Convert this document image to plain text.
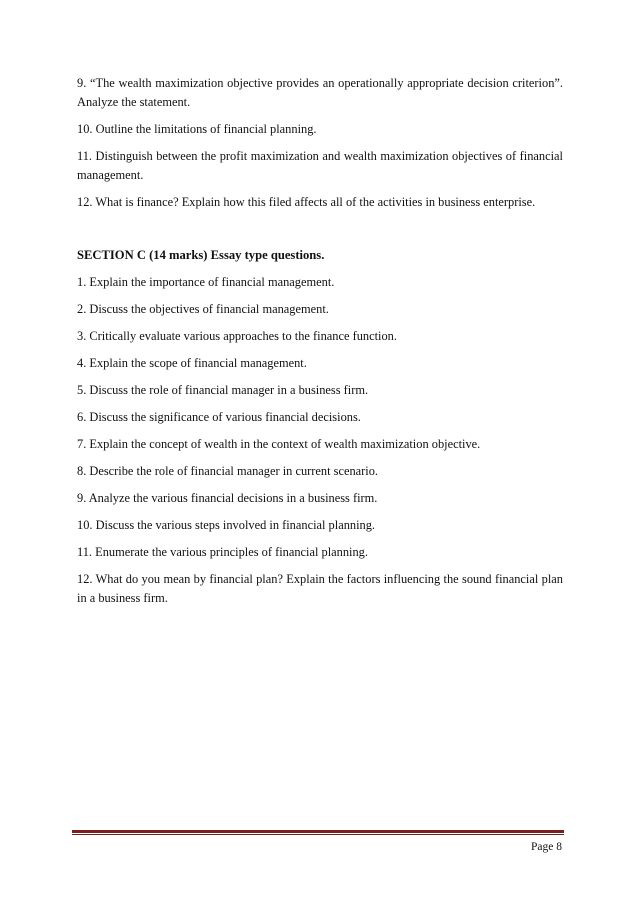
9. “The wealth maximization objective provides an operationally appropriate decision criterion”. Analyze the statement.

10. Outline the limitations of financial planning.

11. Distinguish between the profit maximization and wealth maximization objectives of financial management.

12. What is finance? Explain how this filed affects all of the activities in business enterprise.

SECTION C (14 marks) Essay type questions.

1. Explain the importance of financial management.

2. Discuss the objectives of financial management.

3. Critically evaluate various approaches to the finance function.

4. Explain the scope of financial management.

5. Discuss the role of financial manager in a business firm.

6. Discuss the significance of various financial decisions.

7. Explain the concept of wealth in the context of wealth maximization objective.

8. Describe the role of financial manager in current scenario.

9. Analyze the various financial decisions in a business firm.

10. Discuss the various steps involved in financial planning.

11. Enumerate the various principles of financial planning.

12. What do you mean by financial plan? Explain the factors influencing the sound financial plan in a business firm.

Page 8
